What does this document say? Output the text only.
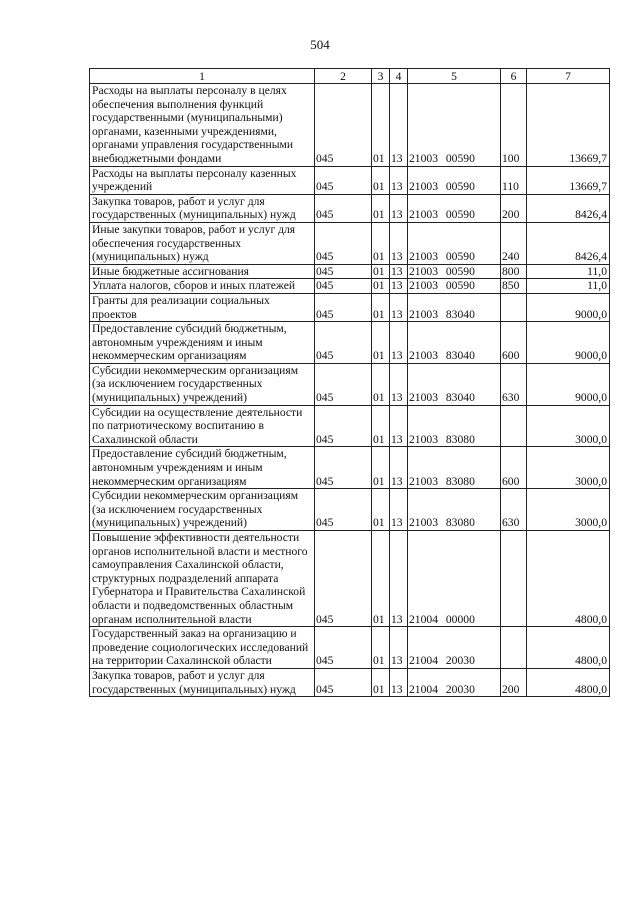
504
1	2	3	4	5	6	7
Расходы на выплаты персоналу в целях обеспечения выполнения функций государственными (муниципальными) органами, казенными учреждениями, органами управления государственными внебюджетными фондами	045	01	13	21003 00590	100	13669,7
Расходы на выплаты персоналу казенных учреждений	045	01	13	21003 00590	110	13669,7
Закупка товаров, работ и услуг для государственных (муниципальных) нужд	045	01	13	21003 00590	200	8426,4
Иные закупки товаров, работ и услуг для обеспечения государственных (муниципальных) нужд	045	01	13	21003 00590	240	8426,4
Иные бюджетные ассигнования	045	01	13	21003 00590	800	11,0
Уплата налогов, сборов и иных платежей	045	01	13	21003 00590	850	11,0
Гранты для реализации социальных проектов	045	01	13	21003 83040		9000,0
Предоставление субсидий бюджетным, автономным учреждениям и иным некоммерческим организациям	045	01	13	21003 83040	600	9000,0
Субсидии некоммерческим организациям (за исключением государственных (муниципальных) учреждений)	045	01	13	21003 83040	630	9000,0
Субсидии на осуществление деятельности по патриотическому воспитанию в Сахалинской области	045	01	13	21003 83080		3000,0
Предоставление субсидий бюджетным, автономным учреждениям и иным некоммерческим организациям	045	01	13	21003 83080	600	3000,0
Субсидии некоммерческим организациям (за исключением государственных (муниципальных) учреждений)	045	01	13	21003 83080	630	3000,0
Повышение эффективности деятельности органов исполнительной власти и местного самоуправления Сахалинской области, структурных подразделений аппарата Губернатора и Правительства Сахалинской области и подведомственных областным органам исполнительной власти	045	01	13	21004 00000		4800,0
Государственный заказ на организацию и проведение социологических исследований на территории Сахалинской области	045	01	13	21004 20030		4800,0
Закупка товаров, работ и услуг для государственных (муниципальных) нужд	045	01	13	21004 20030	200	4800,0
